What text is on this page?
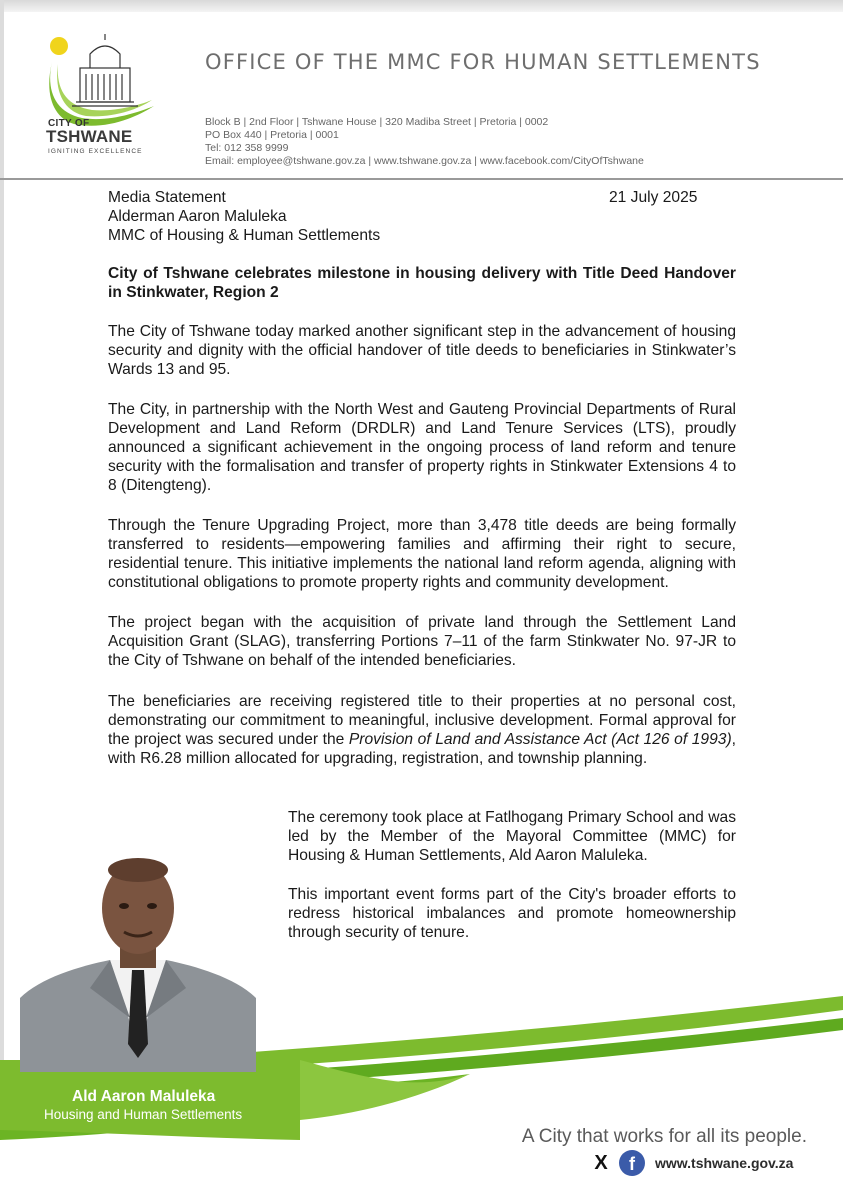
CITY OF
TSHWANE
IGNITING EXCELLENCE
OFFICE OF THE MMC FOR HUMAN SETTLEMENTS
Block B | 2nd Floor | Tshwane House | 320 Madiba Street | Pretoria | 0002
PO Box 440 | Pretoria | 0001
Tel: 012 358 9999
Email: employee@tshwane.gov.za | www.tshwane.gov.za | www.facebook.com/CityOfTshwane
Media Statement
Alderman Aaron Maluleka
MMC of Housing & Human Settlements
21 July 2025
City of Tshwane celebrates milestone in housing delivery with Title Deed Handover in Stinkwater, Region 2
The City of Tshwane today marked another significant step in the advancement of housing security and dignity with the official handover of title deeds to beneficiaries in Stinkwater’s Wards 13 and 95.
The City, in partnership with the North West and Gauteng Provincial Departments of Rural Development and Land Reform (DRDLR) and Land Tenure Services (LTS), proudly announced a significant achievement in the ongoing process of land reform and tenure security with the formalisation and transfer of property rights in Stinkwater Extensions 4 to 8 (Ditengteng).
Through the Tenure Upgrading Project, more than 3,478 title deeds are being formally transferred to residents—empowering families and affirming their right to secure, residential tenure. This initiative implements the national land reform agenda, aligning with constitutional obligations to promote property rights and community development.
The project began with the acquisition of private land through the Settlement Land Acquisition Grant (SLAG), transferring Portions 7–11 of the farm Stinkwater No. 97-JR to the City of Tshwane on behalf of the intended beneficiaries.
The beneficiaries are receiving registered title to their properties at no personal cost, demonstrating our commitment to meaningful, inclusive development. Formal approval for the project was secured under the Provision of Land and Assistance Act (Act 126 of 1993), with R6.28 million allocated for upgrading, registration, and township planning.
The ceremony took place at Fatlhogang Primary School and was led by the Member of the Mayoral Committee (MMC) for Housing & Human Settlements, Ald Aaron Maluleka.
This important event forms part of the City's broader efforts to redress historical imbalances and promote homeownership through security of tenure.
Ald Aaron Maluleka
Housing and Human Settlements
A City that works for all its people.
X	f	www.tshwane.gov.za
